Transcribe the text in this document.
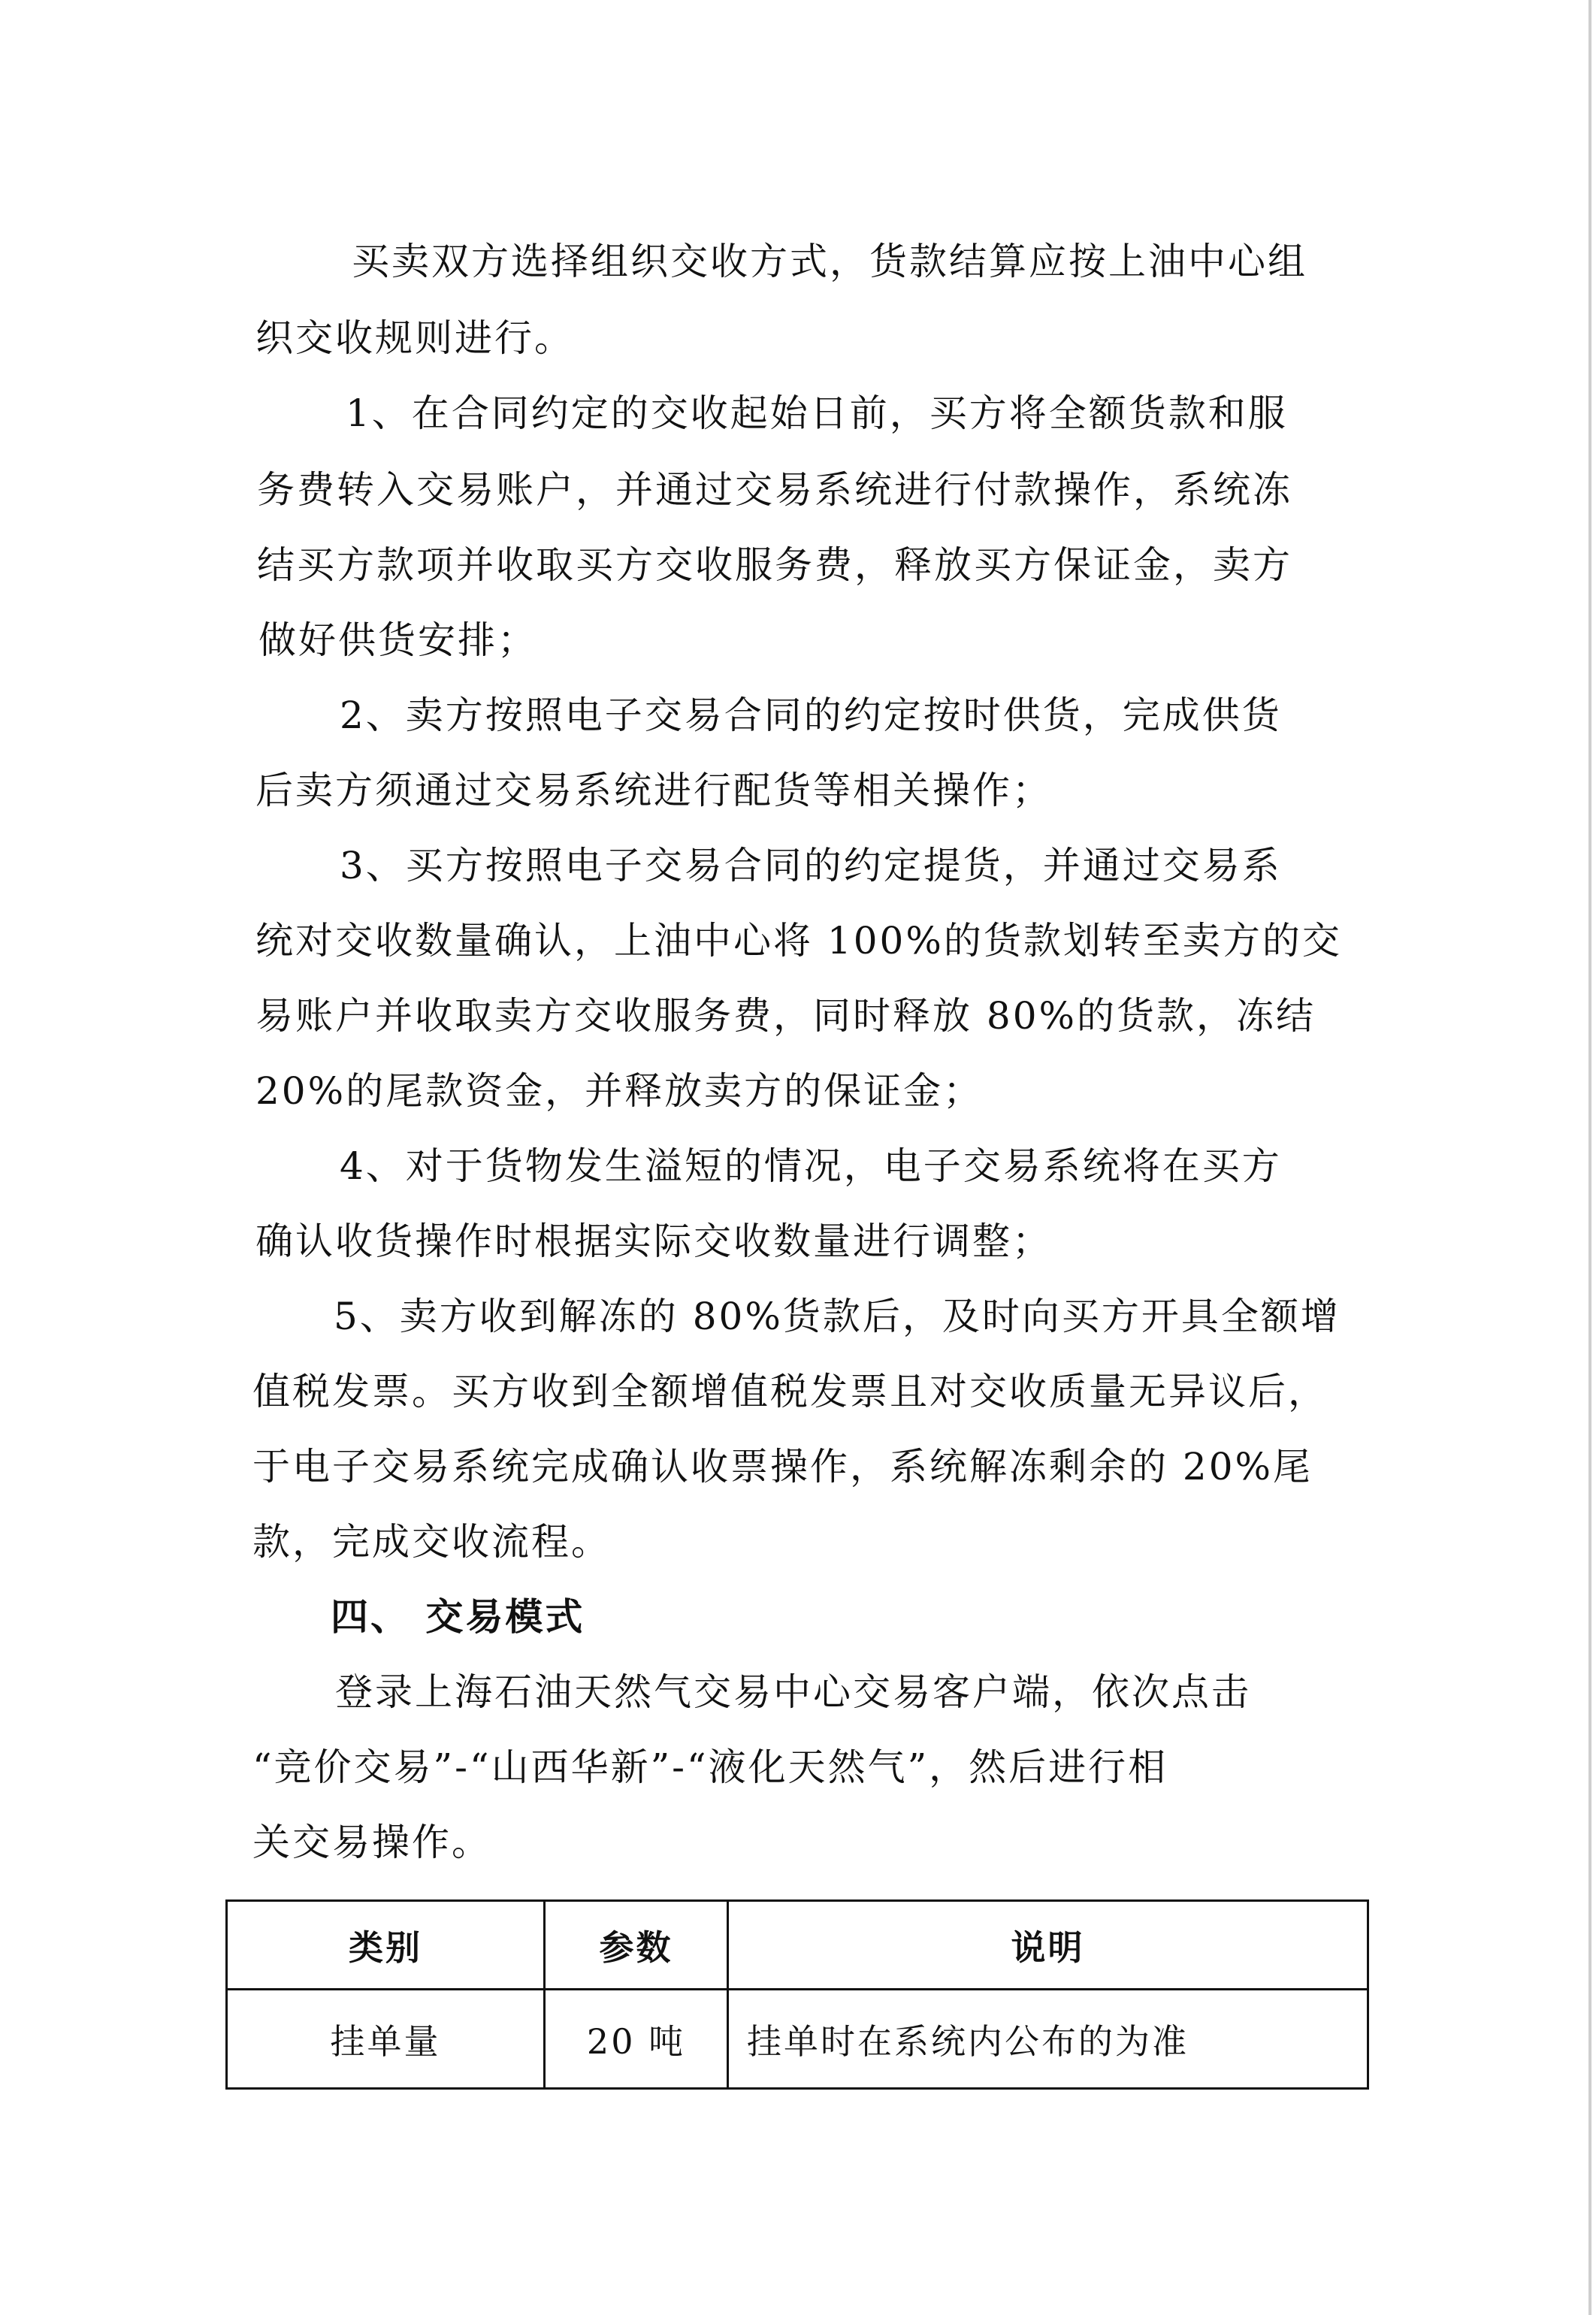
买卖双方选择组织交收方式，货款结算应按上油中心组
织交收规则进行。
1、在合同约定的交收起始日前，买方将全额货款和服
务费转入交易账户，并通过交易系统进行付款操作，系统冻
结买方款项并收取买方交收服务费，释放买方保证金，卖方
做好供货安排；
2、卖方按照电子交易合同的约定按时供货，完成供货
后卖方须通过交易系统进行配货等相关操作；
3、买方按照电子交易合同的约定提货，并通过交易系
统对交收数量确认，上油中心将 100%的货款划转至卖方的交
易账户并收取卖方交收服务费，同时释放 80%的货款，冻结
20%的尾款资金，并释放卖方的保证金；
4、对于货物发生溢短的情况，电子交易系统将在买方
确认收货操作时根据实际交收数量进行调整；
5、卖方收到解冻的 80%货款后，及时向买方开具全额增
值税发票。买方收到全额增值税发票且对交收质量无异议后，
于电子交易系统完成确认收票操作，系统解冻剩余的 20%尾
款，完成交收流程。
四、 交易模式
登录上海石油天然气交易中心交易客户端，依次点击
“竞价交易”-“山西华新”-“液化天然气”，然后进行相
关交易操作。
类别	参数	说明
挂单量	20 吨	挂单时在系统内公布的为准
